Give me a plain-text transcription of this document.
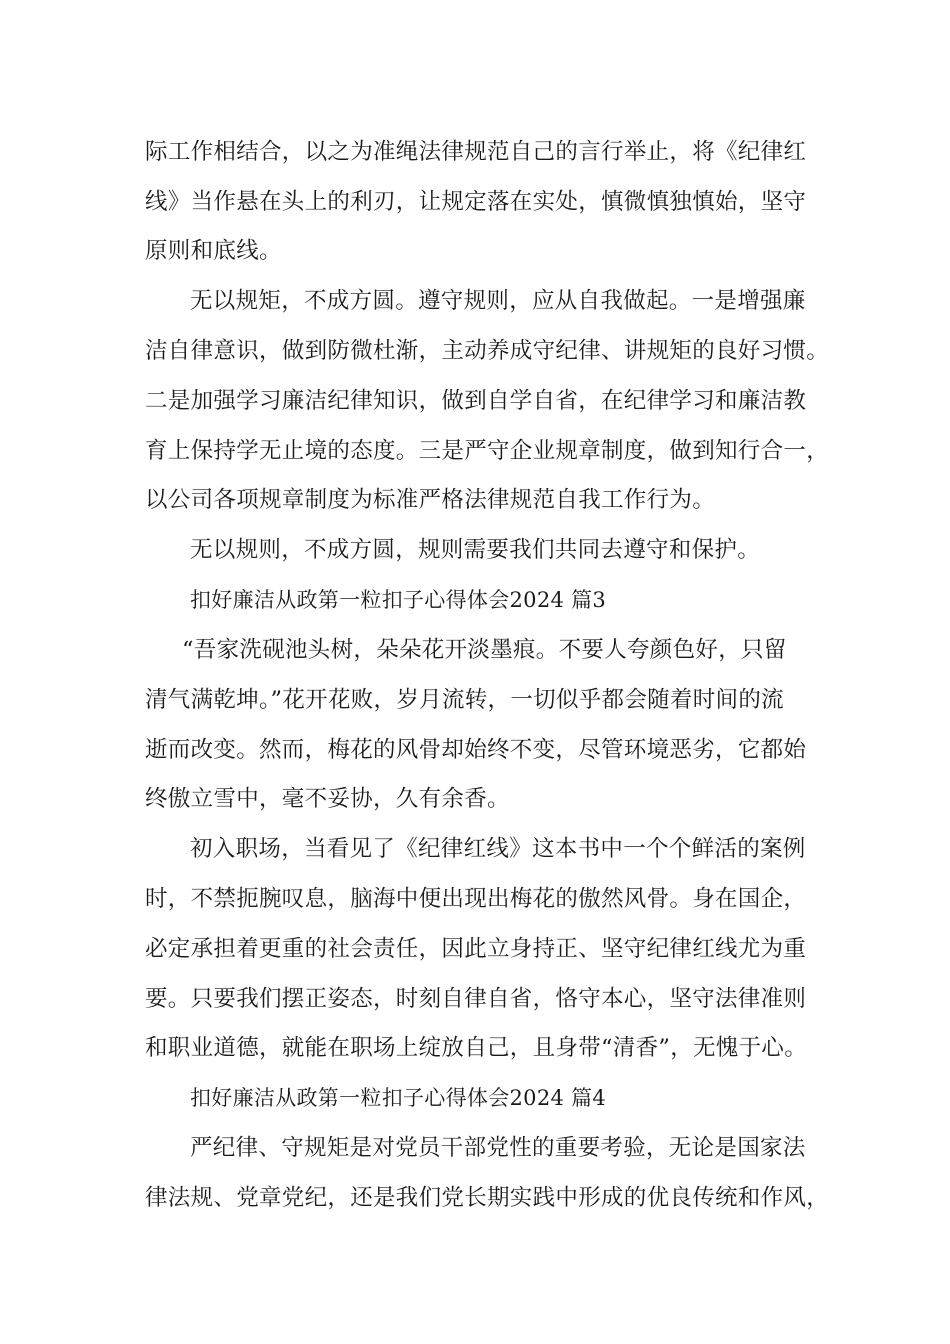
际工作相结合，以之为准绳法律规范自己的言行举止，将《纪律红
线》当作悬在头上的利刃，让规定落在实处，慎微慎独慎始，坚守
原则和底线。
无以规矩，不成方圆。遵守规则，应从自我做起。一是增强廉
洁自律意识，做到防微杜渐，主动养成守纪律、讲规矩的良好习惯。
二是加强学习廉洁纪律知识，做到自学自省，在纪律学习和廉洁教
育上保持学无止境的态度。三是严守企业规章制度，做到知行合一，
以公司各项规章制度为标准严格法律规范自我工作行为。
无以规则，不成方圆，规则需要我们共同去遵守和保护。
扣好廉洁从政第一粒扣子心得体会2024 篇3
“吾家洗砚池头树，朵朵花开淡墨痕。不要人夸颜色好，只留
清气满乾坤。”花开花败，岁月流转，一切似乎都会随着时间的流
逝而改变。然而，梅花的风骨却始终不变，尽管环境恶劣，它都始
终傲立雪中，毫不妥协，久有余香。
初入职场，当看见了《纪律红线》这本书中一个个鲜活的案例
时，不禁扼腕叹息，脑海中便出现出梅花的傲然风骨。身在国企，
必定承担着更重的社会责任，因此立身持正、坚守纪律红线尤为重
要。只要我们摆正姿态，时刻自律自省，恪守本心，坚守法律准则
和职业道德，就能在职场上绽放自己，且身带“清香”，无愧于心。
扣好廉洁从政第一粒扣子心得体会2024 篇4
严纪律、守规矩是对党员干部党性的重要考验，无论是国家法
律法规、党章党纪，还是我们党长期实践中形成的优良传统和作风，
